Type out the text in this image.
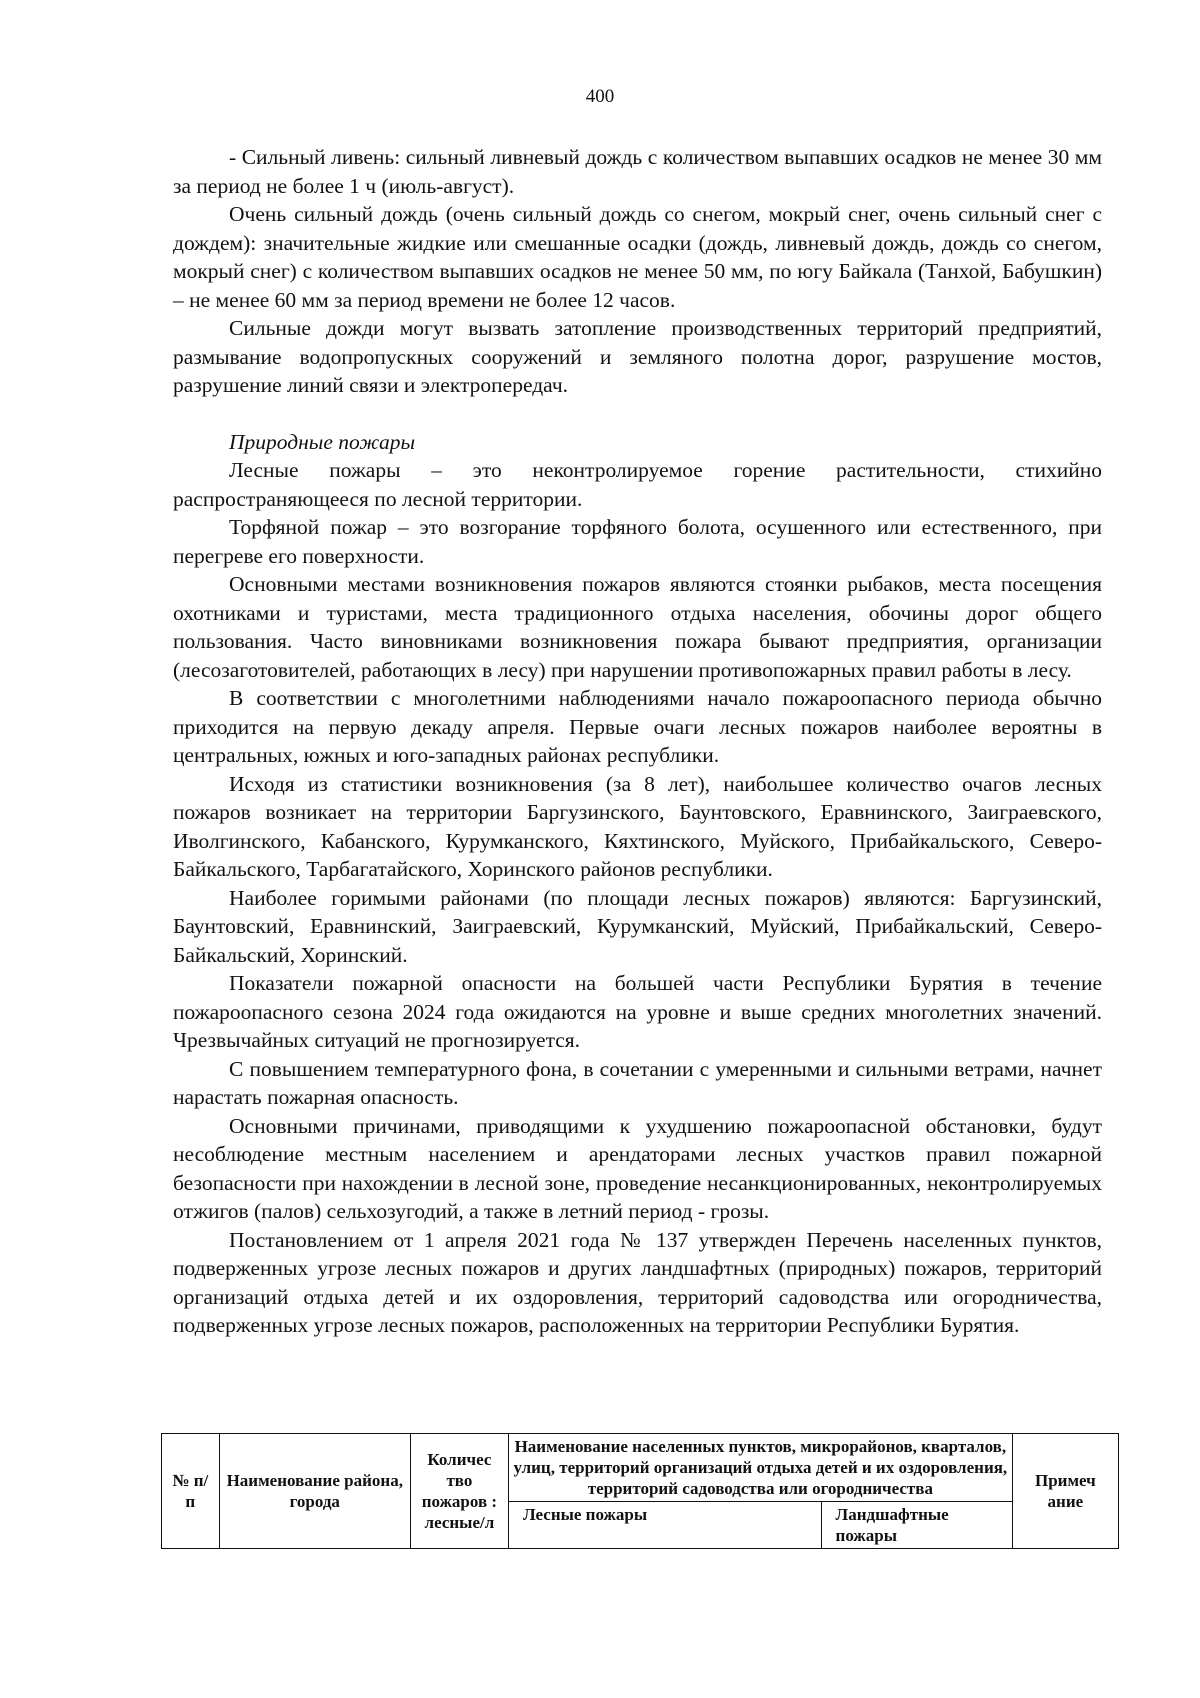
400

- Сильный ливень: сильный ливневый дождь с количеством выпавших осадков не менее 30 мм за период не более 1 ч (июль-август).

Очень сильный дождь (очень сильный дождь со снегом, мокрый снег, очень сильный снег с дождем): значительные жидкие или смешанные осадки (дождь, ливневый дождь, дождь со снегом, мокрый снег) с количеством выпавших осадков не менее 50 мм, по югу Байкала (Танхой, Бабушкин) – не менее 60 мм за период времени не более 12 часов.

Сильные дожди могут вызвать затопление производственных территорий предприятий, размывание водопропускных сооружений и земляного полотна дорог, разрушение мостов, разрушение линий связи и электропередач.

Природные пожары

Лесные пожары – это неконтролируемое горение растительности, стихийно распространяющееся по лесной территории.

Торфяной пожар – это возгорание торфяного болота, осушенного или естественного, при перегреве его поверхности.

Основными местами возникновения пожаров являются стоянки рыбаков, места посещения охотниками и туристами, места традиционного отдыха населения, обочины дорог общего пользования. Часто виновниками возникновения пожара бывают предприятия, организации (лесозаготовителей, работающих в лесу) при нарушении противопожарных правил работы в лесу.

В соответствии с многолетними наблюдениями начало пожароопасного периода обычно приходится на первую декаду апреля. Первые очаги лесных пожаров наиболее вероятны в центральных, южных и юго-западных районах республики.

Исходя из статистики возникновения (за 8 лет), наибольшее количество очагов лесных пожаров возникает на территории Баргузинского, Баунтовского, Еравнинского, Заиграевского, Иволгинского, Кабанского, Курумканского, Кяхтинского, Муйского, Прибайкальского, Северо-Байкальского, Тарбагатайского, Хоринского районов республики.

Наиболее горимыми районами (по площади лесных пожаров) являются: Баргузинский, Баунтовский, Еравнинский, Заиграевский, Курумканский, Муйский, Прибайкальский, Северо-Байкальский, Хоринский.

Показатели пожарной опасности на большей части Республики Бурятия в течение пожароопасного сезона 2024 года ожидаются на уровне и выше средних многолетних значений. Чрезвычайных ситуаций не прогнозируется.

С повышением температурного фона, в сочетании с умеренными и сильными ветрами, начнет нарастать пожарная опасность.

Основными причинами, приводящими к ухудшению пожароопасной обстановки, будут несоблюдение местным населением и арендаторами лесных участков правил пожарной безопасности при нахождении в лесной зоне, проведение несанкционированных, неконтролируемых отжигов (палов) сельхозугодий, а также в летний период - грозы.

Постановлением от 1 апреля 2021 года № 137 утвержден Перечень населенных пунктов, подверженных угрозе лесных пожаров и других ландшафтных (природных) пожаров, территорий организаций отдыха детей и их оздоровления, территорий садоводства или огородничества, подверженных угрозе лесных пожаров, расположенных на территории Республики Бурятия.

№ п/ п	Наименование района, города	Количес тво пожаров : лесные/л	Наименование населенных пунктов, микрорайонов, кварталов, улиц, территорий организаций отдыха детей и их оздоровления, территорий садоводства или огородничества		Примеч ание
			Лесные пожары	Ландшафтные пожары	
